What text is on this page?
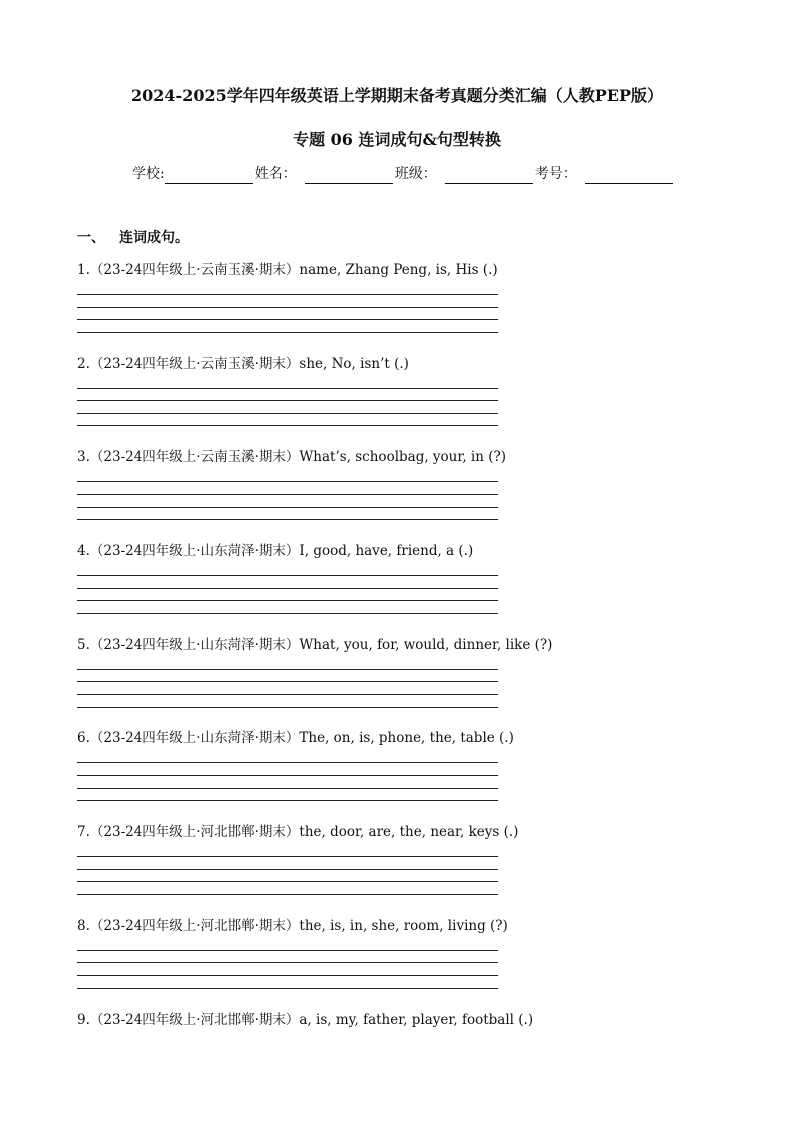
2024-2025学年四年级英语上学期期末备考真题分类汇编（人教PEP版）
专题 06 连词成句&句型转换
学校:	姓名：	班级：	考号：
一、 连词成句。
1.（23-24四年级上·云南玉溪·期末）name, Zhang Peng, is, His (.)
2.（23-24四年级上·云南玉溪·期末）she, No, isn’t (.)
3.（23-24四年级上·云南玉溪·期末）What’s, schoolbag, your, in (?)
4.（23-24四年级上·山东菏泽·期末）I, good, have, friend, a (.)
5.（23-24四年级上·山东菏泽·期末）What, you, for, would, dinner, like (?)
6.（23-24四年级上·山东菏泽·期末）The, on, is, phone, the, table (.)
7.（23-24四年级上·河北邯郸·期末）the, door, are, the, near, keys (.)
8.（23-24四年级上·河北邯郸·期末）the, is, in, she, room, living (?)
9.（23-24四年级上·河北邯郸·期末）a, is, my, father, player, football (.)
